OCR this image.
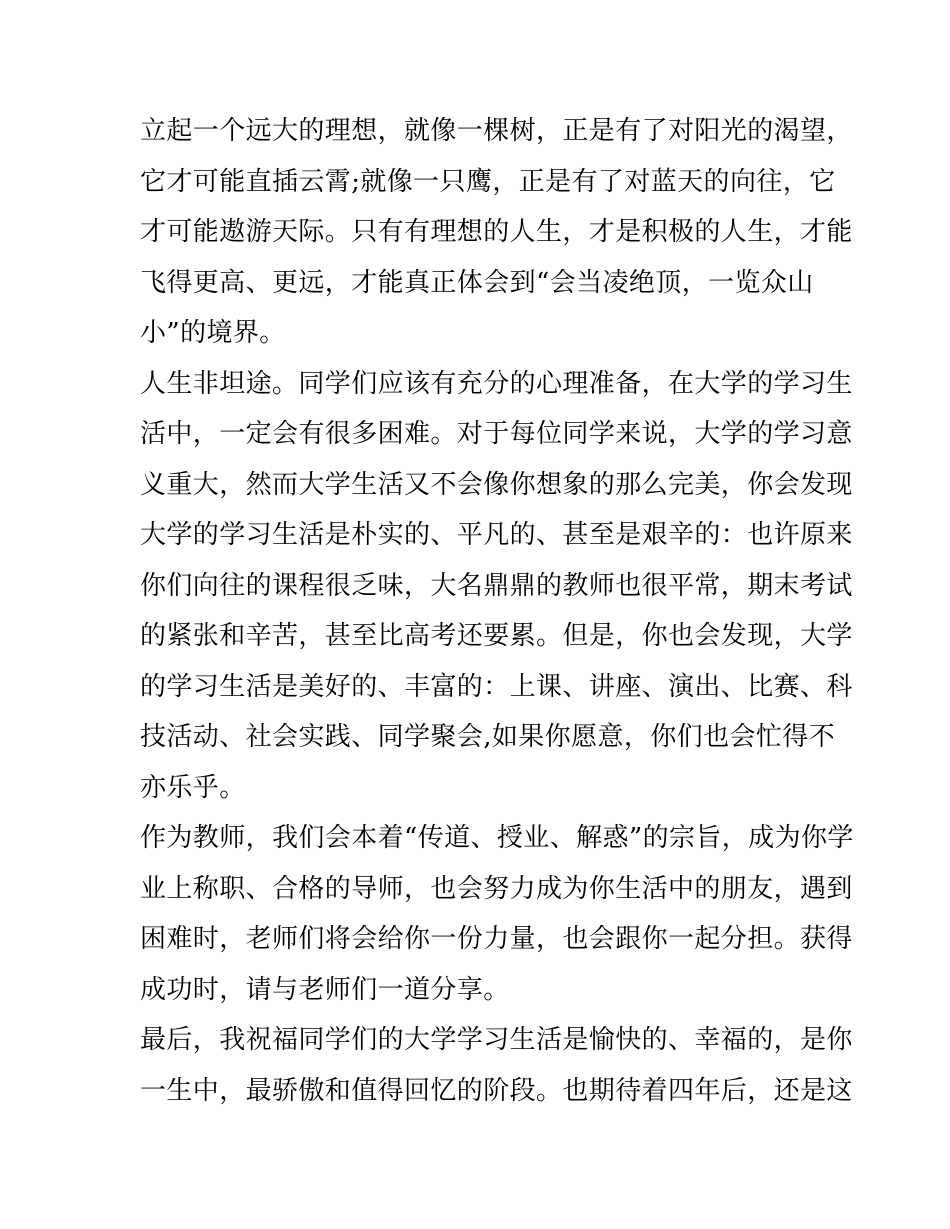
立起一个远大的理想，就像一棵树，正是有了对阳光的渴望，
它才可能直插云霄;就像一只鹰，正是有了对蓝天的向往，它
才可能遨游天际。只有有理想的人生，才是积极的人生，才能
飞得更高、更远，才能真正体会到“会当凌绝顶，一览众山
小”的境界。
人生非坦途。同学们应该有充分的心理准备，在大学的学习生
活中，一定会有很多困难。对于每位同学来说，大学的学习意
义重大，然而大学生活又不会像你想象的那么完美，你会发现
大学的学习生活是朴实的、平凡的、甚至是艰辛的：也许原来
你们向往的课程很乏味，大名鼎鼎的教师也很平常，期末考试
的紧张和辛苦，甚至比高考还要累。但是，你也会发现，大学
的学习生活是美好的、丰富的：上课、讲座、演出、比赛、科
技活动、社会实践、同学聚会,如果你愿意，你们也会忙得不
亦乐乎。
作为教师，我们会本着“传道、授业、解惑”的宗旨，成为你学
业上称职、合格的导师，也会努力成为你生活中的朋友，遇到
困难时，老师们将会给你一份力量，也会跟你一起分担。获得
成功时，请与老师们一道分享。
最后，我祝福同学们的大学学习生活是愉快的、幸福的，是你
一生中，最骄傲和值得回忆的阶段。也期待着四年后，还是这
